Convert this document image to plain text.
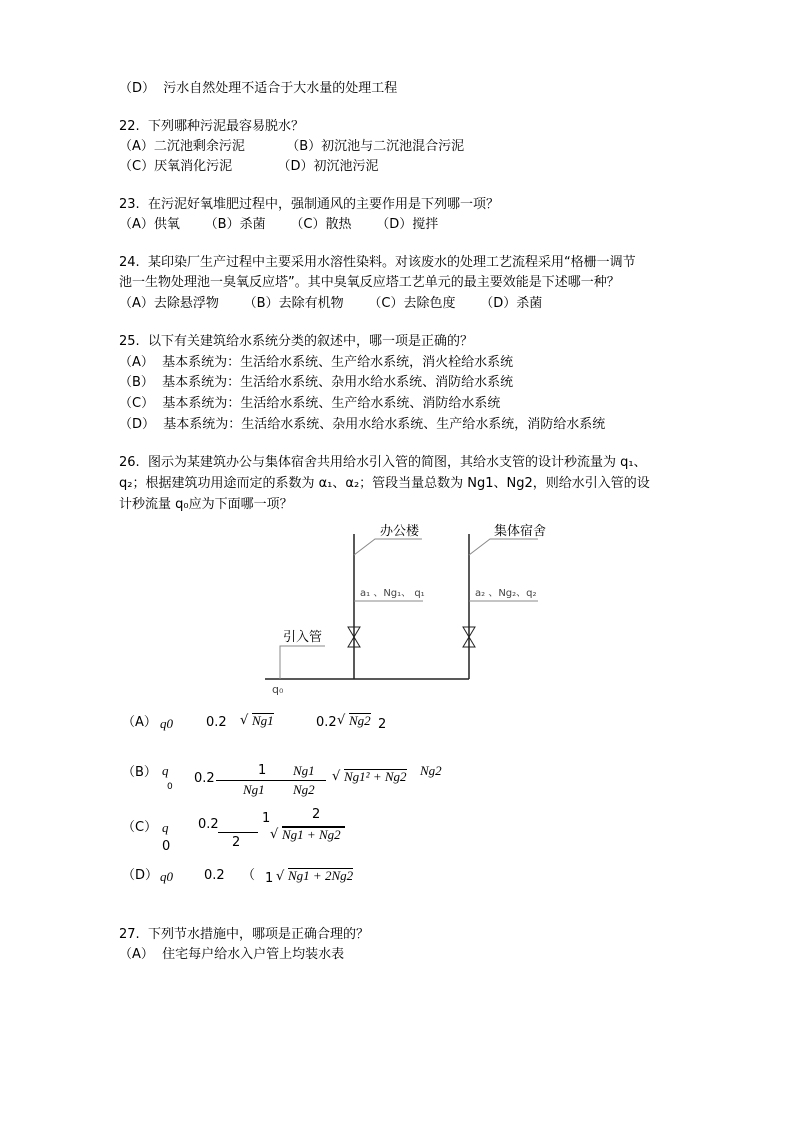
（D）  污水自然处理不适合于大水量的处理工程
22.  下列哪种污泥最容易脱水？
（A）二沉池剩余污泥          （B）初沉池与二沉池混合污泥
（C）厌氧消化污泥           （D）初沉池污泥
23.  在污泥好氧堆肥过程中，强制通风的主要作用是下列哪一项？
（A）供氧      （B）杀菌      （C）散热      （D）搅拌
24.  某印染厂生产过程中主要采用水溶性染料。对该废水的处理工艺流程采用“格栅一调节
池一生物处理池一臭氧反应塔”。其中臭氧反应塔工艺单元的最主要效能是下述哪一种？
（A）去除悬浮物      （B）去除有机物      （C）去除色度      （D）杀菌
25.  以下有关建筑给水系统分类的叙述中，哪一项是正确的？
（A）  基本系统为：生活给水系统、生产给水系统，消火栓给水系统
（B）  基本系统为：生活给水系统、杂用水给水系统、消防给水系统
（C）  基本系统为：生活给水系统、生产给水系统、消防给水系统
（D）  基本系统为：生活给水系统、杂用水给水系统、生产给水系统，消防给水系统
26.  图示为某建筑办公与集体宿舍共用给水引入管的简图，其给水支管的设计秒流量为 q₁、
q₂；根据建筑功用途而定的系数为 α₁、α₂；管段当量总数为 Ng1、Ng2，则给水引入管的设
计秒流量 q₀应为下面哪一项？
办公楼	集体宿舍
a₁ 、Ng₁、 q₁	a₂ 、Ng₂、q₂
引入管
q₀
（A） q0	0.2 √ Ng1	0.2 √ Ng2 2
（B） q
0
0.2
1 Ng1
Ng1 Ng2
√ Ng1² + Ng2 Ng2
（C） q
0
0.2	1
2
√
2
Ng1 + Ng2
（D） q0 0.2 （ 1 √ Ng1 + 2Ng2
27.  下列节水措施中，哪项是正确合理的？
（A）  住宅每户给水入户管上均装水表
